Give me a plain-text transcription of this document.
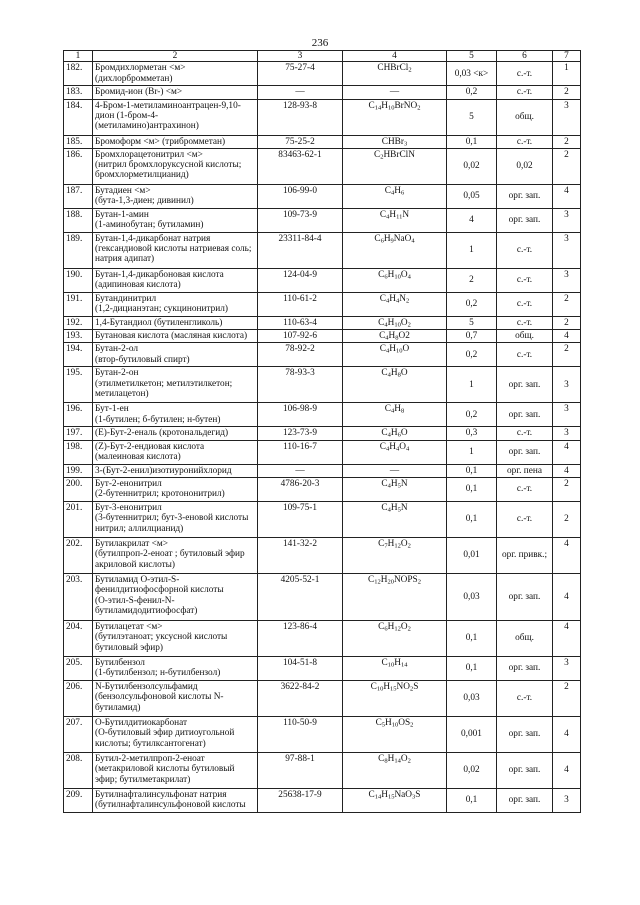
236
1	2	3	4	5	6	7
182.	Бромдихлорметан <м>
(дихлорбромметан)	75-27-4	CHBrCl$_2$	0,03 <к>	с.-т.	1
183.	Бромид-ион (Br-) <м>	—	—	0,2	с.-т.	2
184.	4-Бром-1-метиламиноантрацен-9,10-
дион (1-бром-4-
(метиламино)антрахинон)	128-93-8	$C_{14}H_{10}BrNO_2$	5	общ.	3
185.	Бромоформ <м> (трибромметан)	75-25-2	CHBr$_3$	0,1	с.-т.	2
186.	Бромхлорацетонитрил <м>
(нитрил бромхлоруксусной кислоты;
бромхлорметилцианид)	83463-62-1	$C_2HBrClN$	0,02	0,02	2
187.	Бутадиен <м>
(бута-1,3-диен; дивинил)	106-99-0	$C_4H_6$	0,05	орг. зап.	4
188.	Бутан-1-амин
(1-аминобутан; бутиламин)	109-73-9	$C_4H_{11}N$	4	орг. зап.	3
189.	Бутан-1,4-дикарбонат натрия
(гександиовой кислоты натриевая соль;
натрия адипат)	23311-84-4	$C_6H_9NaO_4$	1	с.-т.	3
190.	Бутан-1,4-дикарбоновая кислота
(адипиновая кислота)	124-04-9	$C_6H_{10}O_4$	2	с.-т.	3
191.	Бутандинитрил
(1,2-дицианэтан; сукцинонитрил)	110-61-2	$C_4H_4N_2$	0,2	с.-т.	2
192.	1,4-Бутандиол (бутиленгликоль)	110-63-4	$C_4H_{10}O_2$	5	с.-т.	2
193.	Бутановая кислота (масляная кислота)	107-92-6	$C_4H_8O2$	0,7	общ.	4
194.	Бутан-2-ол
(втор-бутиловый спирт)	78-92-2	$C_4H_{10}O$	0,2	с.-т.	2
195.	Бутан-2-он
(этилметилкетон; метилэтилкетон;
метилацетон)	78-93-3	$C_4H_8O$	1	орг. зап.	3
196.	Бут-1-ен
(1-бутилен; б-бутилен; н-бутен)	106-98-9	$C_4H_8$	0,2	орг. зап.	3
197.	(Е)-Бут-2-еналь (кротональдегид)	123-73-9	$C_4H_6O$	0,3	с.-т.	3
198.	(Z)-Бут-2-ендиовая кислота
(малеиновая кислота)	110-16-7	$C_4H_4O_4$	1	орг. зап.	4
199.	3-(Бут-2-енил)изотиуронийхлорид	—	—	0,1	орг. пена	4
200.	Бут-2-енонитрил
(2-бутеннитрил; кротононитрил)	4786-20-3	$C_4H_5N$	0,1	с.-т.	2
201.	Бут-3-енонитрил
(3-бутеннитрил; бут-3-еновой кислоты
нитрил; аллилцианид)	109-75-1	$C_4H_5N$	0,1	с.-т.	2
202.	Бутилакрилат <м>
(бутилпроп-2-еноат ; бутиловый эфир
акриловой кислоты)	141-32-2	$C_7H_{12}O_2$	0,01	орг. привк.;	4
203.	Бутиламид О-этил-S-
фенилдитиофосфорной кислоты
(О-этил-S-фенил-N-
бутиламидодитиофосфат)	4205-52-1	$C_{12}H_{20}NOPS_2$	0,03	орг. зап.	4
204.	Бутилацетат <м>
(бутилэтаноат; уксусной кислоты
бутиловый эфир)	123-86-4	$C_6H_{12}O_2$	0,1	общ.	4
205.	Бутилбензол
(1-бутилбензол; н-бутилбензол)	104-51-8	$C_{10}H_{14}$	0,1	орг. зап.	3
206.	N-Бутилбензолсульфамид
(бензолсульфоновой кислоты N-
бутиламид)	3622-84-2	$C_{10}H_{15}NO_2S$	0,03	с.-т.	2
207.	О-Бутилдитиокарбонат
(О-бутиловый эфир дитиоугольной
кислоты; бутилксантогенат)	110-50-9	$C_5H_{10}OS_2$	0,001	орг. зап.	4
208.	Бутил-2-метилпроп-2-еноат
(метакриловой кислоты бутиловый
эфир; бутилметакрилат)	97-88-1	$C_8H_{14}O_2$	0,02	орг. зап.	4
209.	Бутилнафталинсульфонат натрия
(бутилнафталинсульфоновой кислоты	25638-17-9	$C_{14}H_{15}NaO_3S$	0,1	орг. зап.	3
